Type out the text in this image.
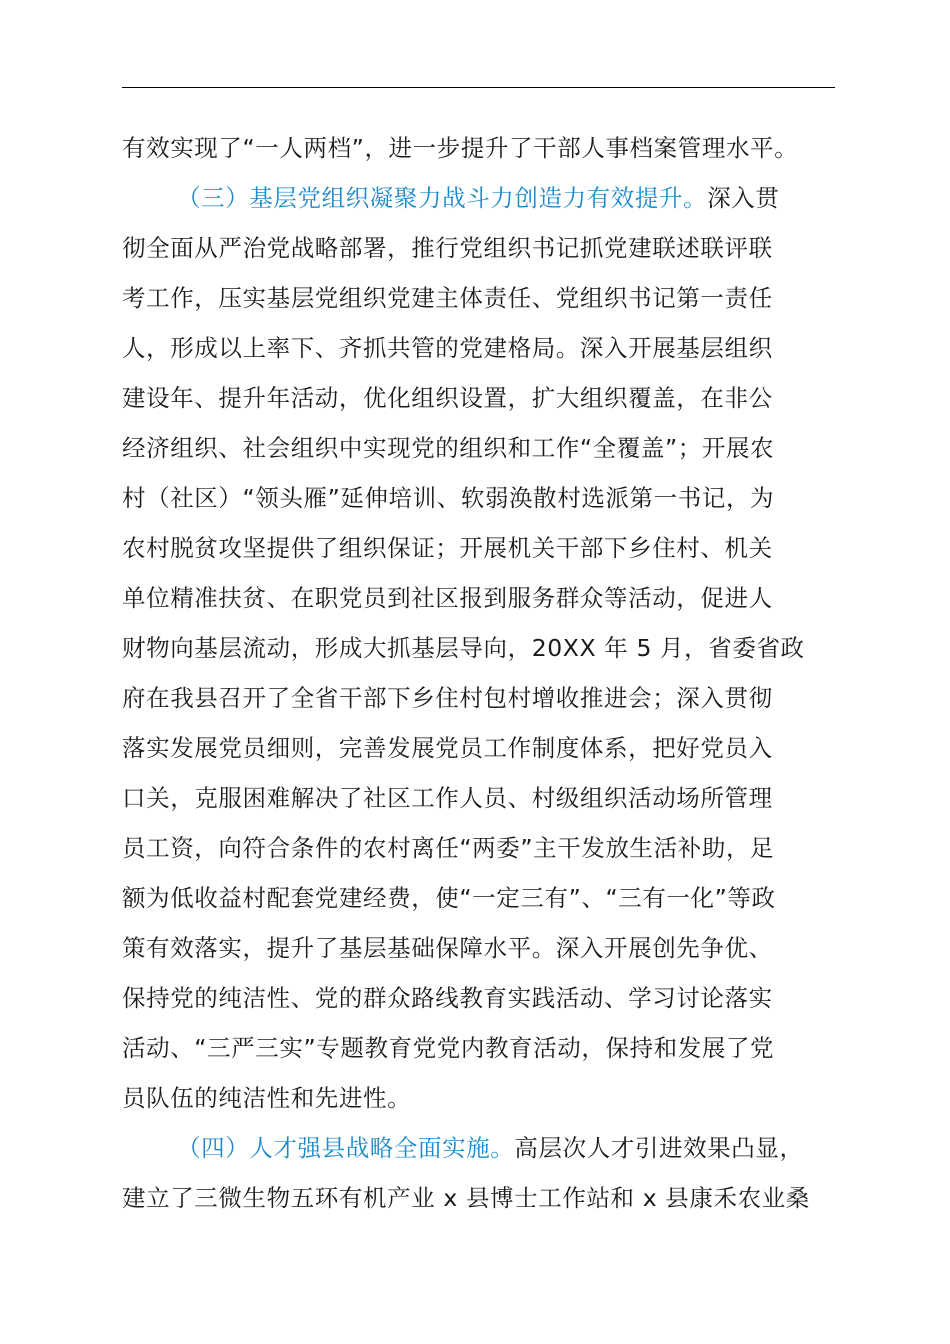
有效实现了“一人两档”，进一步提升了干部人事档案管理水平。
（三）基层党组织凝聚力战斗力创造力有效提升。深入贯
彻全面从严治党战略部署，推行党组织书记抓党建联述联评联
考工作，压实基层党组织党建主体责任、党组织书记第一责任
人，形成以上率下、齐抓共管的党建格局。深入开展基层组织
建设年、提升年活动，优化组织设置，扩大组织覆盖，在非公
经济组织、社会组织中实现党的组织和工作“全覆盖”；开展农
村（社区）“领头雁”延伸培训、软弱涣散村选派第一书记，为
农村脱贫攻坚提供了组织保证；开展机关干部下乡住村、机关
单位精准扶贫、在职党员到社区报到服务群众等活动，促进人
财物向基层流动，形成大抓基层导向，20XX 年 5 月，省委省政
府在我县召开了全省干部下乡住村包村增收推进会；深入贯彻
落实发展党员细则，完善发展党员工作制度体系，把好党员入
口关，克服困难解决了社区工作人员、村级组织活动场所管理
员工资，向符合条件的农村离任“两委”主干发放生活补助，足
额为低收益村配套党建经费，使“一定三有”、“三有一化”等政
策有效落实，提升了基层基础保障水平。深入开展创先争优、
保持党的纯洁性、党的群众路线教育实践活动、学习讨论落实
活动、“三严三实”专题教育党党内教育活动，保持和发展了党
员队伍的纯洁性和先进性。
（四）人才强县战略全面实施。高层次人才引进效果凸显，
建立了三微生物五环有机产业 x 县博士工作站和 x 县康禾农业桑
